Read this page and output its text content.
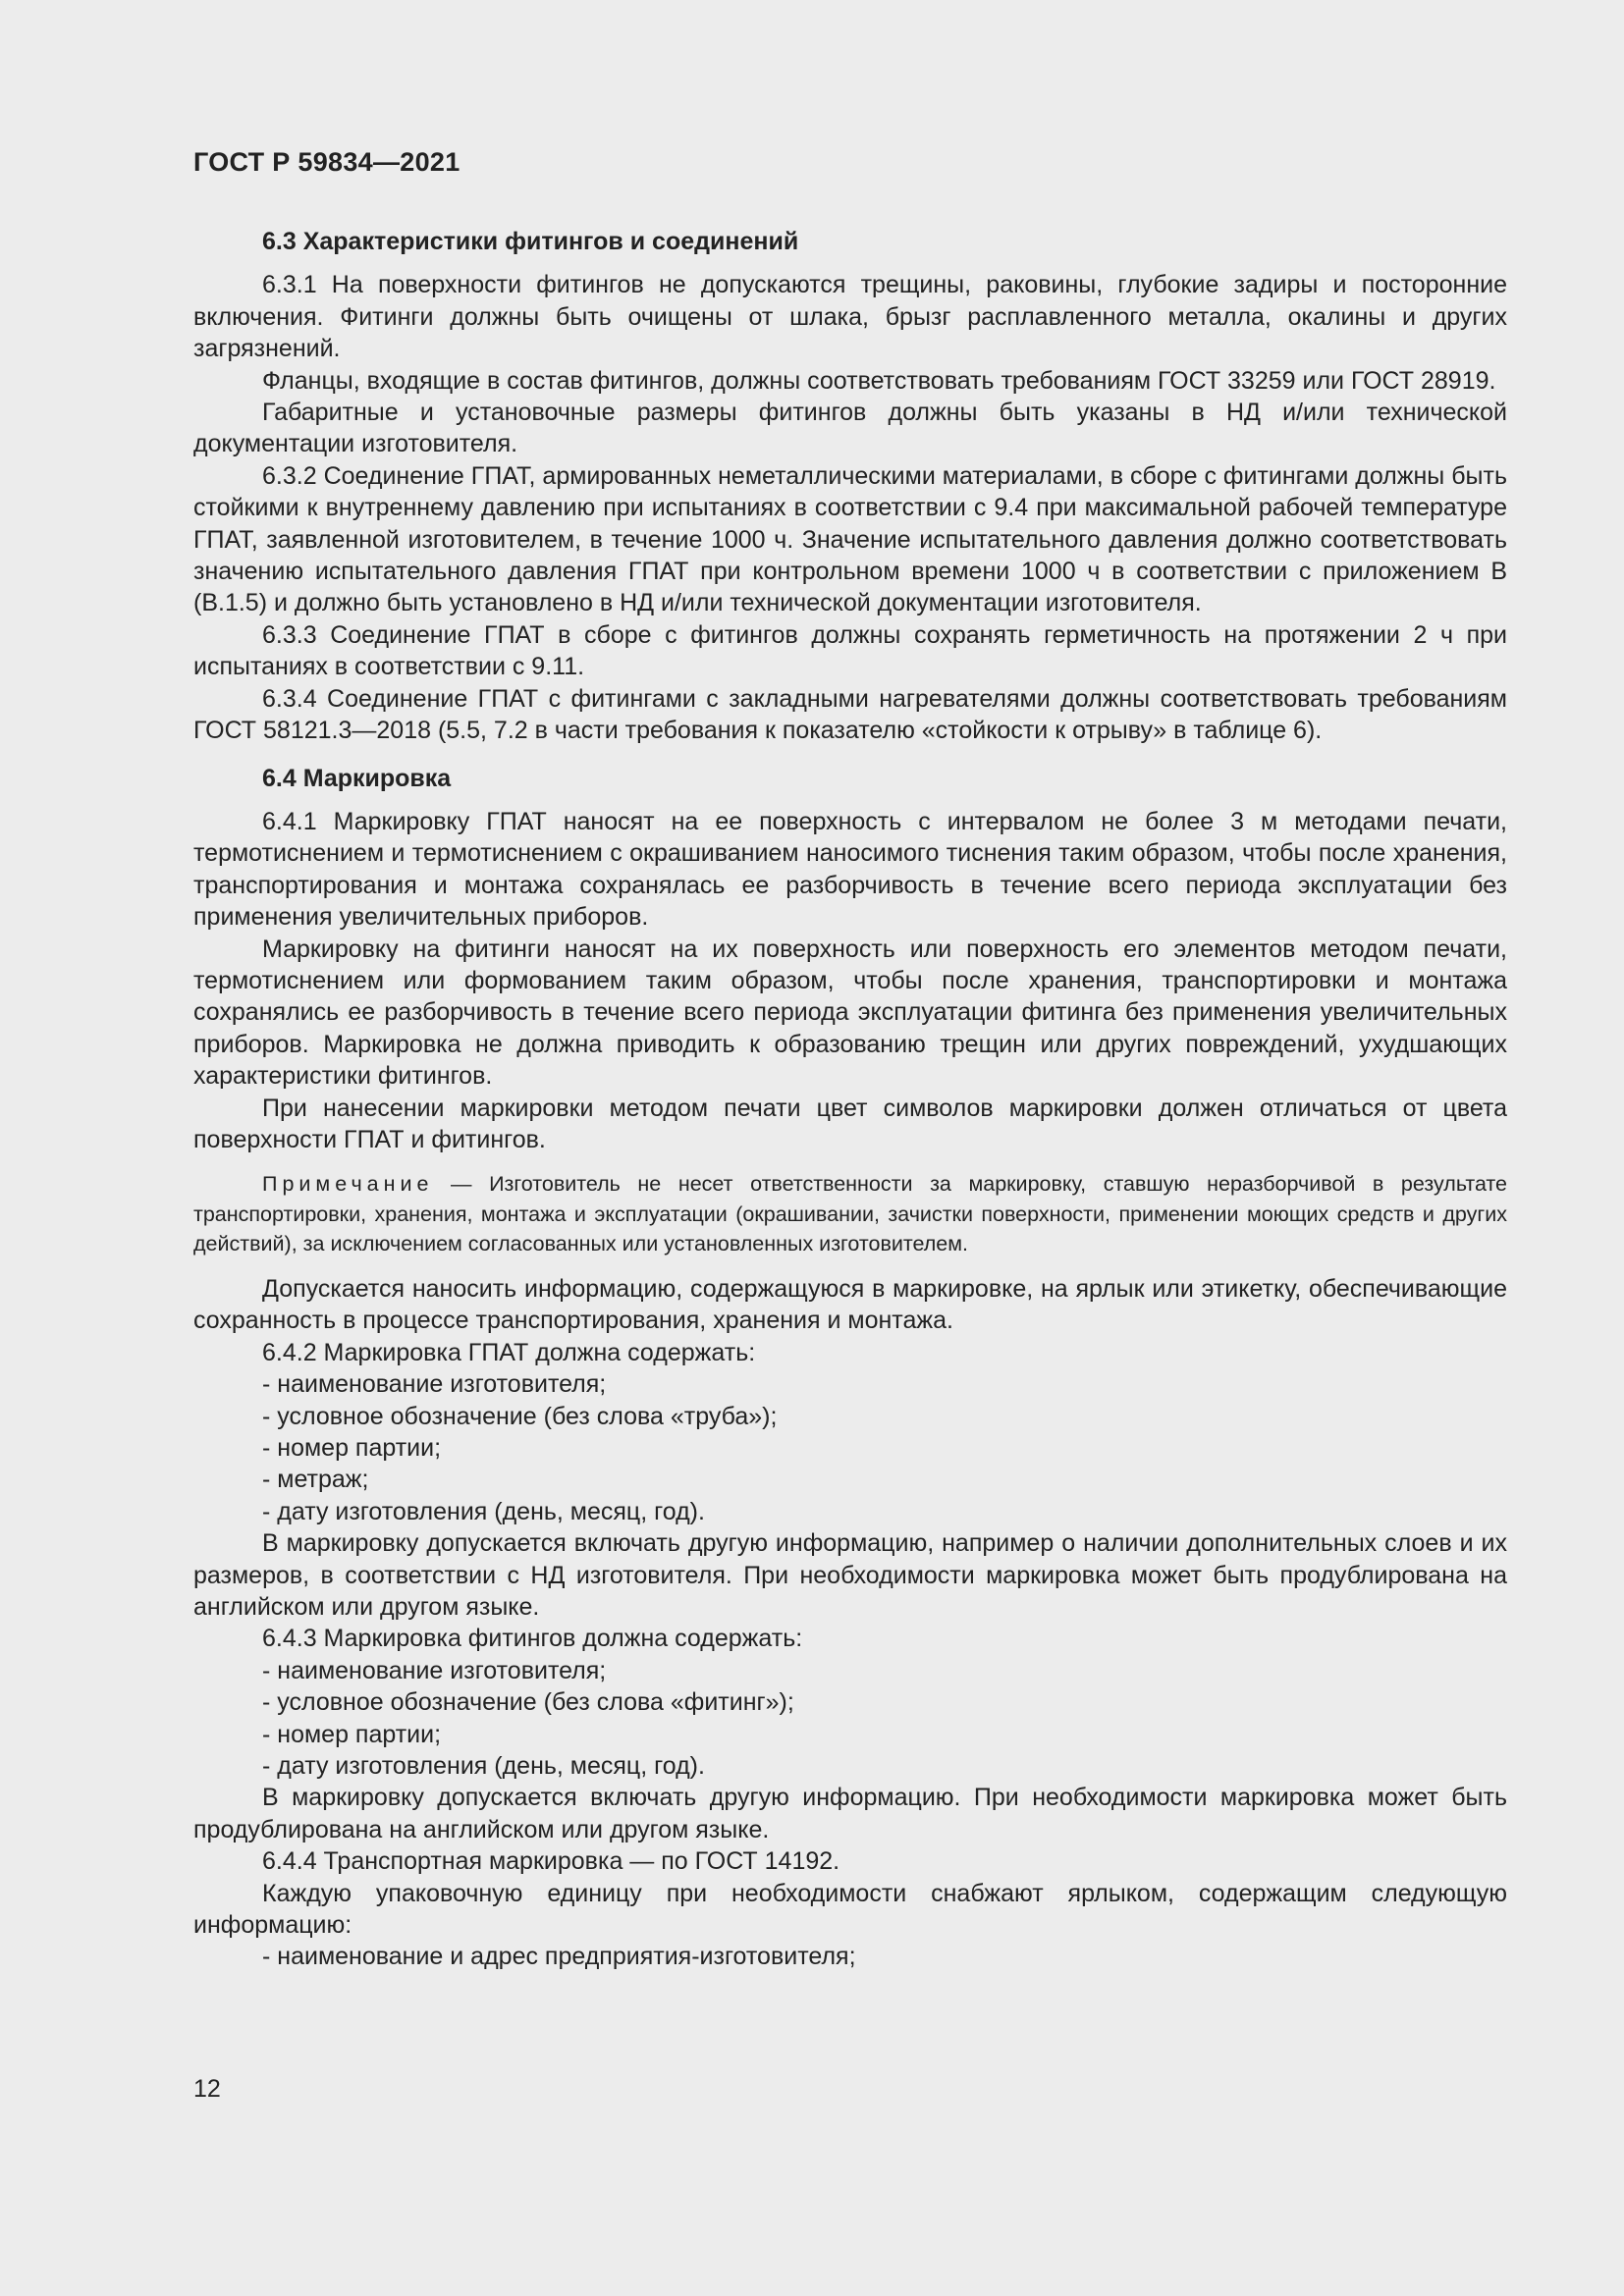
ГОСТ Р 59834—2021

6.3 Характеристики фитингов и соединений

6.3.1 На поверхности фитингов не допускаются трещины, раковины, глубокие задиры и посторонние включения. Фитинги должны быть очищены от шлака, брызг расплавленного металла, окалины и других загрязнений.

Фланцы, входящие в состав фитингов, должны соответствовать требованиям ГОСТ 33259 или ГОСТ 28919.

Габаритные и установочные размеры фитингов должны быть указаны в НД и/или технической документации изготовителя.

6.3.2 Соединение ГПАТ, армированных неметаллическими материалами, в сборе с фитингами должны быть стойкими к внутреннему давлению при испытаниях в соответствии с 9.4 при максимальной рабочей температуре ГПАТ, заявленной изготовителем, в течение 1000 ч. Значение испытательного давления должно соответствовать значению испытательного давления ГПАТ при контрольном времени 1000 ч в соответствии с приложением В (В.1.5) и должно быть установлено в НД и/или технической документации изготовителя.

6.3.3 Соединение ГПАТ в сборе с фитингов должны сохранять герметичность на протяжении 2 ч при испытаниях в соответствии с 9.11.

6.3.4 Соединение ГПАТ с фитингами с закладными нагревателями должны соответствовать требованиям ГОСТ 58121.3—2018 (5.5, 7.2 в части требования к показателю «стойкости к отрыву» в таблице 6).

6.4 Маркировка

6.4.1 Маркировку ГПАТ наносят на ее поверхность с интервалом не более 3 м методами печати, термотиснением и термотиснением с окрашиванием наносимого тиснения таким образом, чтобы после хранения, транспортирования и монтажа сохранялась ее разборчивость в течение всего периода эксплуатации без применения увеличительных приборов.

Маркировку на фитинги наносят на их поверхность или поверхность его элементов методом печати, термотиснением или формованием таким образом, чтобы после хранения, транспортировки и монтажа сохранялись ее разборчивость в течение всего периода эксплуатации фитинга без применения увеличительных приборов. Маркировка не должна приводить к образованию трещин или других повреждений, ухудшающих характеристики фитингов.

При нанесении маркировки методом печати цвет символов маркировки должен отличаться от цвета поверхности ГПАТ и фитингов.

Примечание — Изготовитель не несет ответственности за маркировку, ставшую неразборчивой в результате транспортировки, хранения, монтажа и эксплуатации (окрашивании, зачистки поверхности, применении моющих средств и других действий), за исключением согласованных или установленных изготовителем.

Допускается наносить информацию, содержащуюся в маркировке, на ярлык или этикетку, обеспечивающие сохранность в процессе транспортирования, хранения и монтажа.

6.4.2 Маркировка ГПАТ должна содержать:

- наименование изготовителя;

- условное обозначение (без слова «труба»);

- номер партии;

- метраж;

- дату изготовления (день, месяц, год).

В маркировку допускается включать другую информацию, например о наличии дополнительных слоев и их размеров, в соответствии с НД изготовителя. При необходимости маркировка может быть продублирована на английском или другом языке.

6.4.3 Маркировка фитингов должна содержать:

- наименование изготовителя;

- условное обозначение (без слова «фитинг»);

- номер партии;

- дату изготовления (день, месяц, год).

В маркировку допускается включать другую информацию. При необходимости маркировка может быть продублирована на английском или другом языке.

6.4.4 Транспортная маркировка — по ГОСТ 14192.

Каждую упаковочную единицу при необходимости снабжают ярлыком, содержащим следующую информацию:

- наименование и адрес предприятия-изготовителя;

12
